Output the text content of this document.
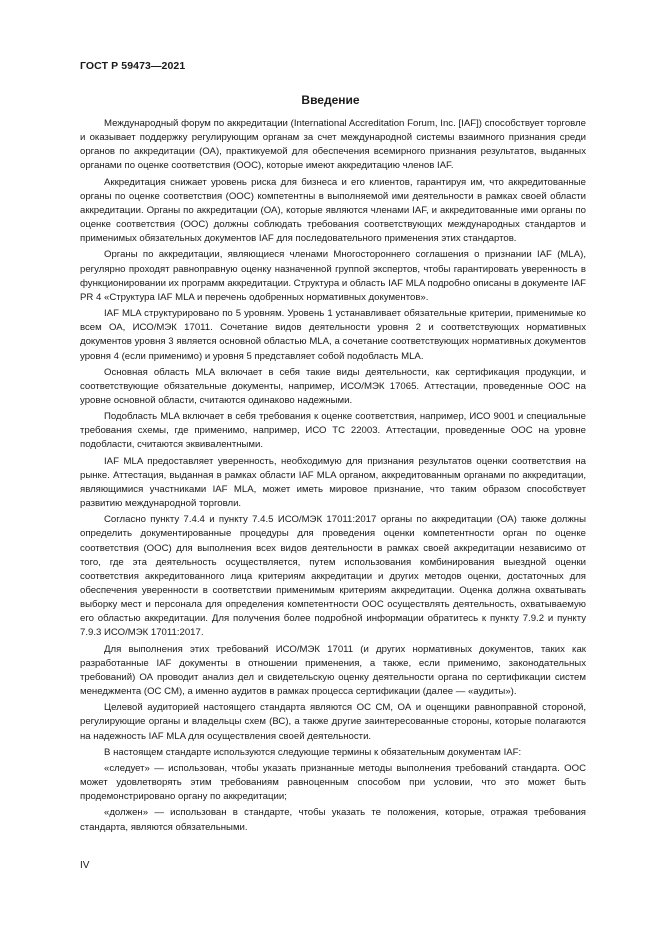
ГОСТ Р 59473—2021
Введение

Международный форум по аккредитации (International Accreditation Forum, Inc. [IAF]) способствует торговле и оказывает поддержку регулирующим органам за счет международной системы взаимного признания среди органов по аккредитации (ОА), практикуемой для обеспечения всемирного признания результатов, выданных органами по оценке соответствия (ООС), которые имеют аккредитацию членов IAF.

Аккредитация снижает уровень риска для бизнеса и его клиентов, гарантируя им, что аккредитованные органы по оценке соответствия (ООС) компетентны в выполняемой ими деятельности в рамках своей области аккредитации. Органы по аккредитации (ОА), которые являются членами IAF, и аккредитованные ими органы по оценке соответствия (ООС) должны соблюдать требования соответствующих международных стандартов и применимых обязательных документов IAF для последовательного применения этих стандартов.

Органы по аккредитации, являющиеся членами Многостороннего соглашения о признании IAF (MLA), регулярно проходят равноправную оценку назначенной группой экспертов, чтобы гарантировать уверенность в функционировании их программ аккредитации. Структура и область IAF MLA подробно описаны в документе IAF PR 4 «Структура IAF MLA и перечень одобренных нормативных документов».

IAF MLA структурировано по 5 уровням. Уровень 1 устанавливает обязательные критерии, применимые ко всем ОА, ИСО/МЭК 17011. Сочетание видов деятельности уровня 2 и соответствующих нормативных документов уровня 3 является основной областью MLA, а сочетание соответствующих нормативных документов уровня 4 (если применимо) и уровня 5 представляет собой подобласть MLA.

Основная область MLA включает в себя такие виды деятельности, как сертификация продукции, и соответствующие обязательные документы, например, ИСО/МЭК 17065. Аттестации, проведенные ООС на уровне основной области, считаются одинаково надежными.

Подобласть MLA включает в себя требования к оценке соответствия, например, ИСО 9001 и специальные требования схемы, где применимо, например, ИСО ТС 22003. Аттестации, проведенные ООС на уровне подобласти, считаются эквивалентными.

IAF MLA предоставляет уверенность, необходимую для признания результатов оценки соответствия на рынке. Аттестация, выданная в рамках области IAF MLA органом, аккредитованным органами по аккредитации, являющимися участниками IAF MLA, может иметь мировое признание, что таким образом способствует развитию международной торговли.

Согласно пункту 7.4.4 и пункту 7.4.5 ИСО/МЭК 17011:2017 органы по аккредитации (ОА) также должны определить документированные процедуры для проведения оценки компетентности орган по оценке соответствия (ООС) для выполнения всех видов деятельности в рамках своей аккредитации независимо от того, где эта деятельность осуществляется, путем использования комбинирования выездной оценки соответствия аккредитованного лица критериям аккредитации и других методов оценки, достаточных для обеспечения уверенности в соответствии применимым критериям аккредитации. Оценка должна охватывать выборку мест и персонала для определения компетентности ООС осуществлять деятельность, охватываемую его областью аккредитации. Для получения более подробной информации обратитесь к пункту 7.9.2 и пункту 7.9.3 ИСО/МЭК 17011:2017.

Для выполнения этих требований ИСО/МЭК 17011 (и других нормативных документов, таких как разработанные IAF документы в отношении применения, а также, если применимо, законодательных требований) ОА проводит анализ дел и свидетельскую оценку деятельности органа по сертификации систем менеджмента (ОС СМ), а именно аудитов в рамках процесса сертификации (далее — «аудиты»).

Целевой аудиторией настоящего стандарта являются ОС СМ, ОА и оценщики равноправной стороной, регулирующие органы и владельцы схем (ВС), а также другие заинтересованные стороны, которые полагаются на надежность IAF MLA для осуществления своей деятельности.

В настоящем стандарте используются следующие термины к обязательным документам IAF:

«следует» — использован, чтобы указать признанные методы выполнения требований стандарта. ООС может удовлетворять этим требованиям равноценным способом при условии, что это может быть продемонстрировано органу по аккредитации;

«должен» — использован в стандарте, чтобы указать те положения, которые, отражая требования стандарта, являются обязательными.

IV
